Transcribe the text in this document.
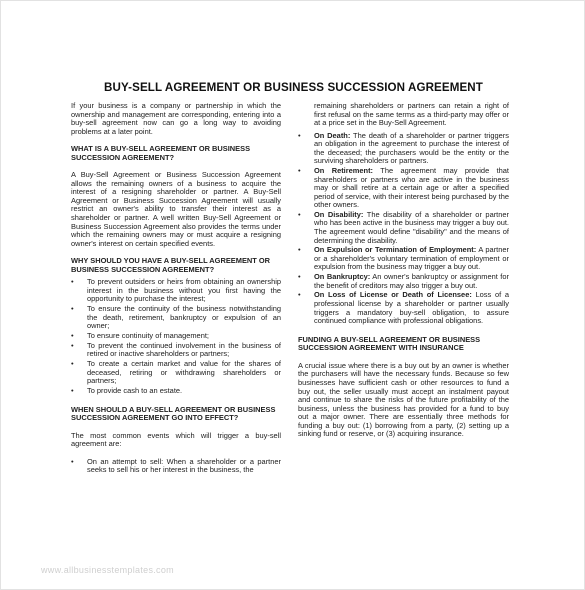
BUY-SELL AGREEMENT OR BUSINESS SUCCESSION AGREEMENT

If your business is a company or partnership in which the ownership and management are corresponding, entering into a buy-sell agreement now can go a long way to avoiding problems at a later point.

WHAT IS A BUY-SELL AGREEMENT OR BUSINESS SUCCESSION AGREEMENT?

A Buy-Sell Agreement or Business Succession Agreement allows the remaining owners of a business to acquire the interest of a resigning shareholder or partner. A Buy-Sell Agreement or Business Succession Agreement will usually restrict an owner's ability to transfer their interest as a shareholder or partner. A well written Buy-Sell Agreement or Business Succession Agreement also provides the terms under which the remaining owners may or must acquire a resigning owner's interest on certain specified events.

WHY SHOULD YOU HAVE A BUY-SELL AGREEMENT OR BUSINESS SUCCESSION AGREEMENT?
• To prevent outsiders or heirs from obtaining an ownership interest in the business without you first having the opportunity to purchase the interest;
• To ensure the continuity of the business notwithstanding the death, retirement, bankruptcy or expulsion of an owner;
• To ensure continuity of management;
• To prevent the continued involvement in the business of retired or inactive shareholders or partners;
• To create a certain market and value for the shares of deceased, retiring or withdrawing shareholders or partners;
• To provide cash to an estate.
WHEN SHOULD A BUY-SELL AGREEMENT OR BUSINESS SUCCESSION AGREEMENT GO INTO EFFECT?

The most common events which will trigger a buy-sell agreement are:

• On an attempt to sell: When a shareholder or a partner seeks to sell his or her interest in the business, the

remaining shareholders or partners can retain a right of first refusal on the same terms as a third-party may offer or at a price set in the Buy-Sell Agreement.

• On Death: The death of a shareholder or partner triggers an obligation in the agreement to purchase the interest of the deceased; the purchasers would be the entity or the surviving shareholders or partners.
• On Retirement: The agreement may provide that shareholders or partners who are active in the business may or shall retire at a certain age or after a specified period of service, with their interest being purchased by the other owners.
• On Disability: The disability of a shareholder or partner who has been active in the business may trigger a buy out. The agreement would define "disability" and the means of determining the disability.
• On Expulsion or Termination of Employment: A partner or a shareholder's voluntary termination of employment or expulsion from the business may trigger a buy out.
• On Bankruptcy: An owner's bankruptcy or assignment for the benefit of creditors may also trigger a buy out.
• On Loss of License or Death of Licensee: Loss of a professional license by a shareholder or partner usually triggers a mandatory buy-sell obligation, to assure continued compliance with professional obligations.
FUNDING A BUY-SELL AGREEMENT OR BUSINESS SUCCESSION AGREEMENT WITH INSURANCE

A crucial issue where there is a buy out by an owner is whether the purchasers will have the necessary funds. Because so few businesses have sufficient cash or other resources to fund a buy out, the seller usually must accept an instalment payout and continue to share the risks of the future profitability of the business, unless the business has provided for a fund to buy out a major owner. There are essentially three methods for funding a buy out: (1) borrowing from a party, (2) setting up a sinking fund or reserve, or (3) acquiring insurance.

www.allbusinesstemplates.com
